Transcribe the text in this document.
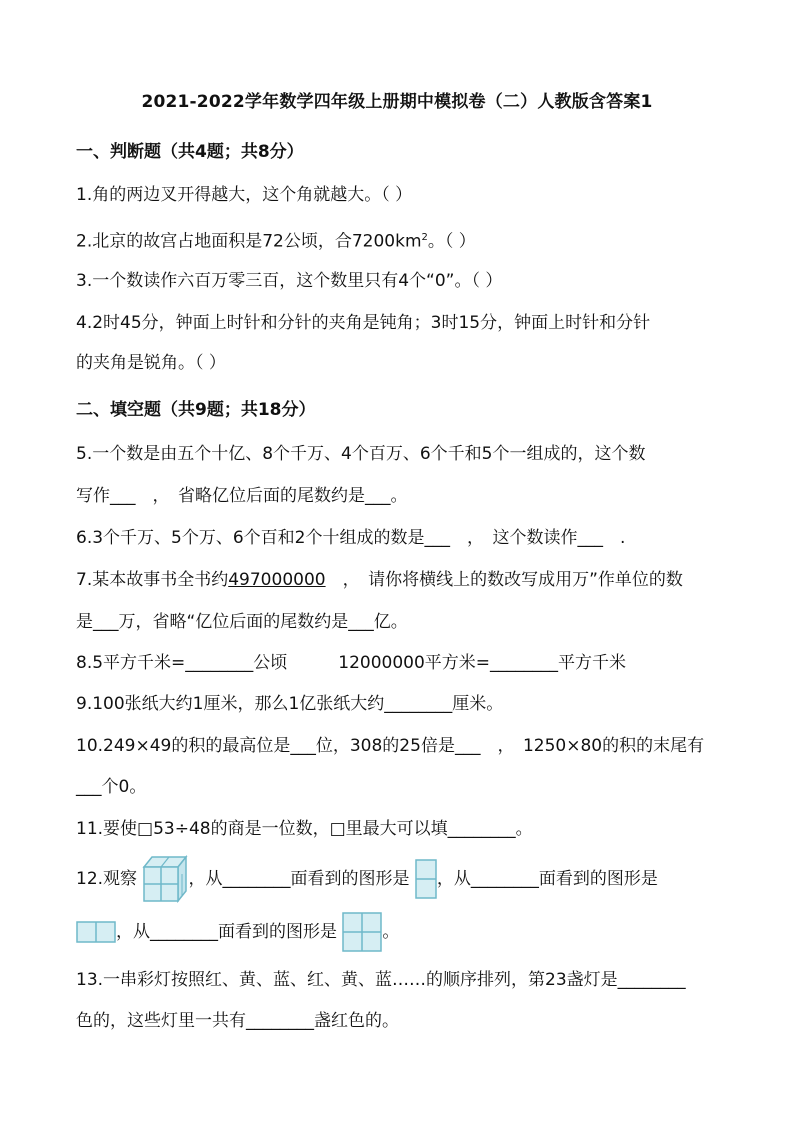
2021-2022学年数学四年级上册期中模拟卷（二）人教版含答案1
一、判断题（共4题；共8分）
1.角的两边叉开得越大，这个角就越大。（ ）
2.北京的故宫占地面积是72公顷，合$7200km^2$。（ ）
3.一个数读作六百万零三百，这个数里只有4个“0”。（ ）
4.2时45分，钟面上时针和分针的夹角是钝角；3时15分，钟面上时针和分针
的夹角是锐角。（ ）
二、填空题（共9题；共18分）
5.一个数是由五个十亿、8个千万、4个百万、6个千和5个一组成的，这个数
写作___　，　省略亿位后面的尾数约是___。
6.3个千万、5个万、6个百和2个十组成的数是___　，　这个数读作___　.
7.某本故事书全书约497000000　，　请你将横线上的数改写成用万”作单位的数
是___万，省略“亿位后面的尾数约是___亿。
8.5平方千米=________公顷　　　12000000平方米=________平方千米
9.100张纸大约1厘米，那么1亿张纸大约________厘米。
10.249×49的积的最高位是___位，308的25倍是___　，　1250×80的积的末尾有
___个0。
11.要使□53÷48的商是一位数，□里最大可以填________。
12.观察	，从________面看到的图形是 ，从________面看到的图形是
，从________面看到的图形是	。
13.一串彩灯按照红、黄、蓝、红、黄、蓝……的顺序排列，第23盏灯是________
色的，这些灯里一共有________盏红色的。
